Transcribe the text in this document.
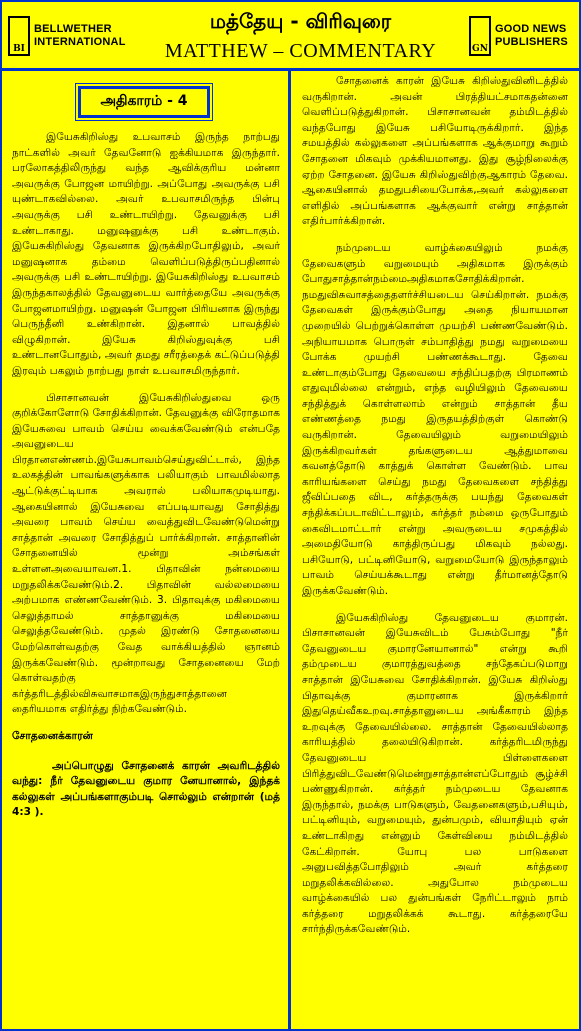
BI
BELLWETHER
INTERNATIONAL
மத்தேயு - விரிவுரை
MATTHEW – COMMENTARY	GN
GOOD NEWS
PUBLISHERS
அதிகாரம் - 4

இயேசுகிறிஸ்து உபவாசம் இருந்த நாற்பது நாட்களில் அவர் தேவனோடு ஐக்கியமாக இருந்தார். பரலோகத்திலிருந்து வந்த ஆவிக்குரிய மன்னா அவருக்கு போஜன மாயிற்று. அப்போது அவருக்கு பசி யுண்டாகவில்லை. அவர் உபவாசமிருந்த பின்பு அவருக்கு பசி உண்டாயிற்று. தேவனுக்கு பசி உண்டாகாது. மனுஷனுக்கு பசி உண்டாகும். இயேசுகிறிஸ்து தேவனாக இருக்கிறபோதிலும், அவர் மனுஷனாக தம்மை வெளிப்படுத்திருப்பதினால் அவருக்கு பசி உண்டாயிற்று. இயேசுகிறிஸ்து உபவாசம் இருந்தகாலத்தில் தேவனுடைய வார்த்தையே அவருக்கு போஜனமாயிற்று. மனுஷன் போஜன பிரியனாக இருந்து பெருந்தீனி உண்கிறான். இதனால் பாவத்தில் விழுகிறான். இயேசு கிறிஸ்துவுக்கு பசி உண்டானபோதும், அவர் தமது சரீரத்தைக் கட்டுப்படுத்தி இரவும் பகலும் நாற்பது நாள் உபவாசமிருந்தார்.

பிசாசானவன் இயேசுகிறிஸ்துவை ஒரு குறிக்கோளோடு சோதிக்கிறான். தேவனுக்கு விரோதமாக இயேசுவை பாவம் செய்ய வைக்கவேண்டும் என்பதே அவனுடைய பிரதானஎண்ணம்.இயேசுபாவம்செய்துவிட்டால், இந்த உலகத்தின் பாவங்களுக்காக பலியாகும் பாவமில்லாத ஆட்டுக்குட்டியாக அவரால் பலியாகமுடியாது. ஆகையினால் இயேசுவை எப்படியாவது சோதித்து அவரை பாவம் செய்ய வைத்துவிடவேண்டுமென்று சாத்தான் அவரை சோதித்துப் பார்க்கிறான். சாத்தானின் சோதனையில் மூன்று அம்சங்கள் உள்ளனஅவையாவன.1. பிதாவின் நன்மையை மறுதலிக்கவேண்டும்.2. பிதாவின் வல்லமையை அற்பமாக எண்ணவேண்டும். 3. பிதாவுக்கு மகிமையை செலுத்தாமல் சாத்தானுக்கு மகிமையை செலுத்தவேண்டும். முதல் இரண்டு சோதனையை மேற்கொள்வதற்கு வேத வாக்கியத்தில் ஞானம் இருக்கவேண்டும். மூன்றாவது சோதனையை மேற் கொள்வதற்கு கர்த்தரிடத்தில்விசுவாசமாகஇருந்துசாத்தானை தைரியமாக எதிர்த்து நிற்கவேண்டும்.

சோதனைக்காரன்

அப்பொழுது சோதனைக் காரன் அவரிடத்தில் வந்து: நீர் தேவனுடைய குமார னேயானால், இந்தக் கல்லுகள் அப்பங்களாகும்படி சொல்லும் என்றான் (மத் 4:3 ).

சோதனைக் காரன் இயேசு கிறிஸ்துவினிடத்தில் வருகிறான். அவன் பிரத்தியட்சமாகதன்னை வெளிப்படுத்துகிறான். பிசாசானவன் தம்மிடத்தில் வந்தபோது இயேசு பசியோடிருக்கிறார். இந்த சமயத்தில் கல்லுகளை அப்பங்களாக ஆக்குமாறு கூறும் சோதனை மிகவும் முக்கியமானது. இது சூழ்நிலைக்கு ஏற்ற சோதனை. இயேசு கிறிஸ்துவிற்குஆகாரம் தேவை. ஆகையினால் தமதுபசியைபோக்க,அவர் கல்லுகளை எளிதில் அப்பங்களாக ஆக்குவார் என்று சாத்தான் எதிர்பார்க்கிறான்.

நம்முடைய வாழ்க்கையிலும் நமக்கு தேவைகளும் வறுமையும் அதிகமாக இருக்கும் போதுசாத்தான்நம்மைஅதிகமாகசோதிக்கிறான். நமதுவிசுவாசத்தைதளர்ச்சியடைய செய்கிறான். நமக்கு தேவைகள் இருக்கும்போது அதை நியாயமான முறையில் பெற்றுக்கொள்ள முயற்சி பண்ணவேண்டும். அநியாயமாக பொருள் சம்பாதித்து நமது வறுமையை போக்க முயற்சி பண்ணக்கூடாது. தேவை உண்டாகும்போது தேவையை சந்திப்பதற்கு பிரமாணம் எதுவுமில்லை என்றும், எந்த வழியிலும் தேவையை சந்தித்துக் கொள்ளலாம் என்றும் சாத்தான் தீய எண்ணத்தை நமது இருதயத்திற்குள் கொண்டு வருகிறான். தேவையிலும் வறுமையிலும் இருக்கிறவர்கள் தங்களுடைய ஆத்துமாவை கவனத்தோடு காத்துக் கொள்ள வேண்டும். பாவ காரியங்களை செய்து நமது தேவைகளை சந்தித்து ஜீவிப்பதை விட, கர்த்தருக்கு பயந்து தேவைகள் சந்திக்கப்படாவிட்டாலும், கர்த்தர் நம்மை ஒருபோதும் கைவிடமாட்டார் என்று அவருடைய சமுகத்தில் அமைதியோடு காத்திருப்பது மிகவும் நல்லது. பசியோடு, பட்டினியோடு, வறுமையோடு இருந்தாலும் பாவம் செய்யக்கூடாது என்று தீர்மானத்தோடு இருக்கவேண்டும்.

இயேசுகிறிஸ்து தேவனுடைய குமாரன். பிசாசானவன் இயேசுவிடம் பேசும்போது "நீர் தேவனுடைய குமாரனேயானால்" என்று கூறி தம்முடைய குமாரத்துவத்தை சந்தேகப்படுமாறு சாத்தான் இயேசுவை சோதிக்கிறான். இயேசு கிறிஸ்து பிதாவுக்கு குமாரனாக இருக்கிறார் இதுதெய்வீகஉறவு.சாத்தானுடைய அங்கீகாரம் இந்த உறவுக்கு தேவையில்லை. சாத்தான் தேவையில்லாத காரியத்தில் தலையிடுகிறான். கர்த்தரிடமிருந்து தேவனுடைய பிள்ளைகளை பிரித்துவிடவேண்டுமென்றுசாத்தான்எப்போதும் சூழ்ச்சி பண்ணுகிறான். கர்த்தர் நம்முடைய தேவனாக இருந்தால், நமக்கு பாடுகளும், வேதனைகளும்,பசியும், பட்டினியும், வறுமையும், துன்பமும், வியாதியும் ஏன் உண்டாகிறது என்னும் கேள்வியை நம்மிடத்தில் கேட்கிறான். யோபு பல பாடுகளை அனுபவித்தபோதிலும் அவர் கர்த்தரை மறுதலிக்கவில்லை. அதுபோல நம்முடைய வாழ்க்கையில் பல துன்பங்கள் நேரிட்டாலும் நாம் கர்த்தரை மறுதலிக்கக் கூடாது. கர்த்தரையே சார்ந்திருக்கவேண்டும்.
